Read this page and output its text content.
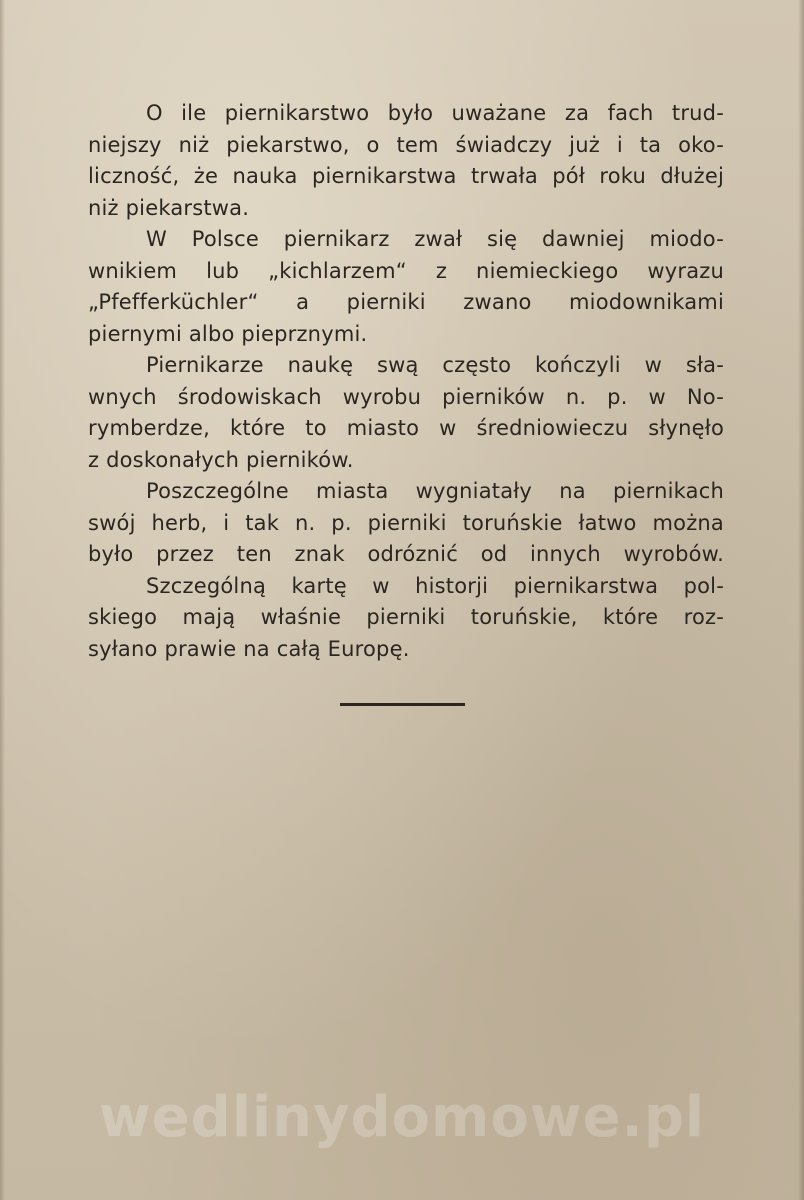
O ile piernikarstwo było uważane za fach trud-
niejszy niż piekarstwo, o tem świadczy już i ta oko-
liczność, że nauka piernikarstwa trwała pół roku dłużej
niż piekarstwa.

W Polsce piernikarz zwał się dawniej miodo-
wnikiem lub „kichlarzem“ z niemieckiego wyrazu
„Pfefferküchler“ a pierniki zwano miodownikami
piernymi albo pieprznymi.

Piernikarze naukę swą często kończyli w sła-
wnych środowiskach wyrobu pierników n. p. w No-
rymberdze, które to miasto w średniowieczu słynęło
z doskonałych pierników.

Poszczególne miasta wygniatały na piernikach
swój herb, i tak n. p. pierniki toruńskie łatwo można
było przez ten znak odróznić od innych wyrobów.

Szczególną kartę w historji piernikarstwa pol-
skiego mają właśnie pierniki toruńskie, które roz-
syłano prawie na całą Europę.

wedlinydomowe.pl
